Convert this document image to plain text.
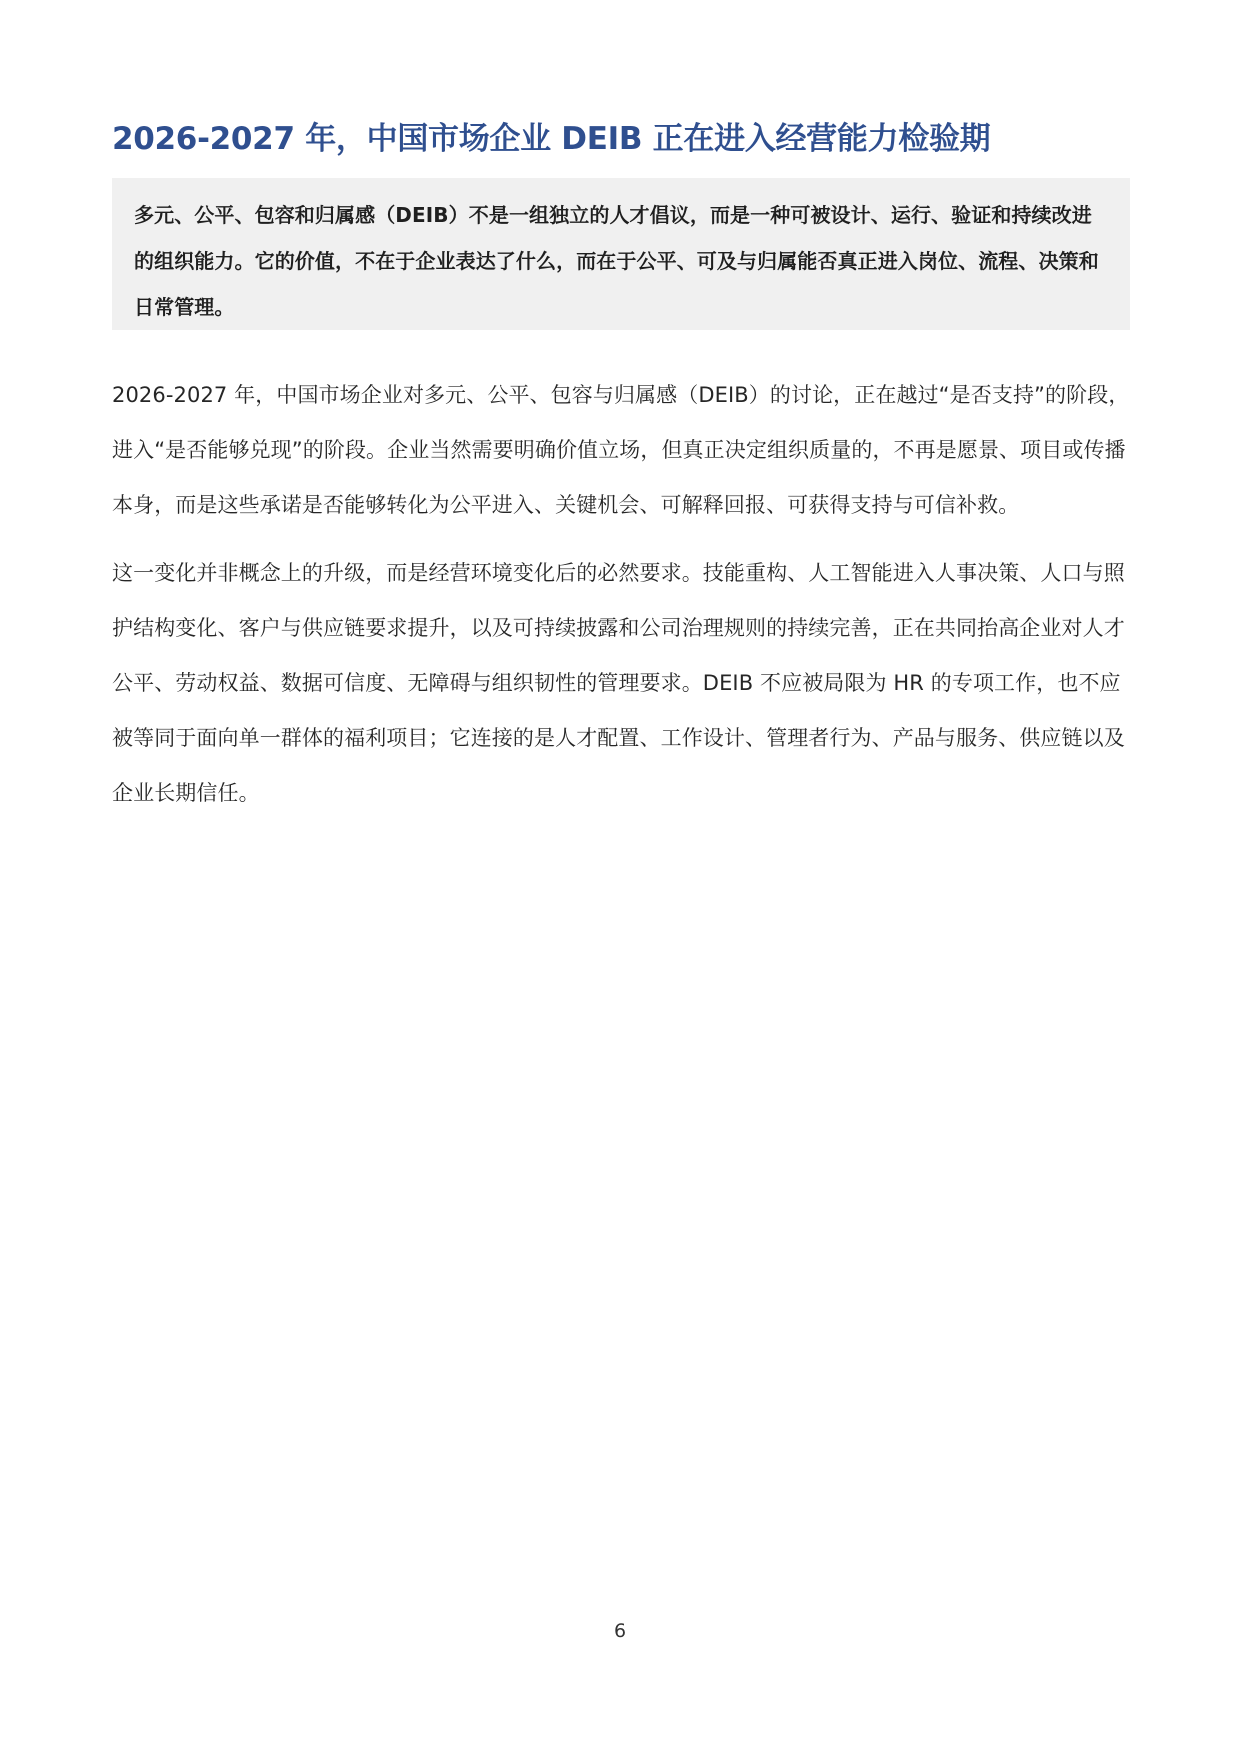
2026-2027 年，中国市场企业 DEIB 正在进入经营能力检验期

多元、公平、包容和归属感（DEIB）不是一组独立的人才倡议，而是一种可被设计、运行、验证和持续改进的组织能力。它的价值，不在于企业表达了什么，而在于公平、可及与归属能否真正进入岗位、流程、决策和日常管理。

2026-2027 年，中国市场企业对多元、公平、包容与归属感（DEIB）的讨论，正在越过“是否支持”的阶段，进入“是否能够兑现”的阶段。企业当然需要明确价值立场，但真正决定组织质量的，不再是愿景、项目或传播本身，而是这些承诺是否能够转化为公平进入、关键机会、可解释回报、可获得支持与可信补救。

这一变化并非概念上的升级，而是经营环境变化后的必然要求。技能重构、人工智能进入人事决策、人口与照护结构变化、客户与供应链要求提升，以及可持续披露和公司治理规则的持续完善，正在共同抬高企业对人才公平、劳动权益、数据可信度、无障碍与组织韧性的管理要求。DEIB 不应被局限为 HR 的专项工作，也不应被等同于面向单一群体的福利项目；它连接的是人才配置、工作设计、管理者行为、产品与服务、供应链以及企业长期信任。

6
